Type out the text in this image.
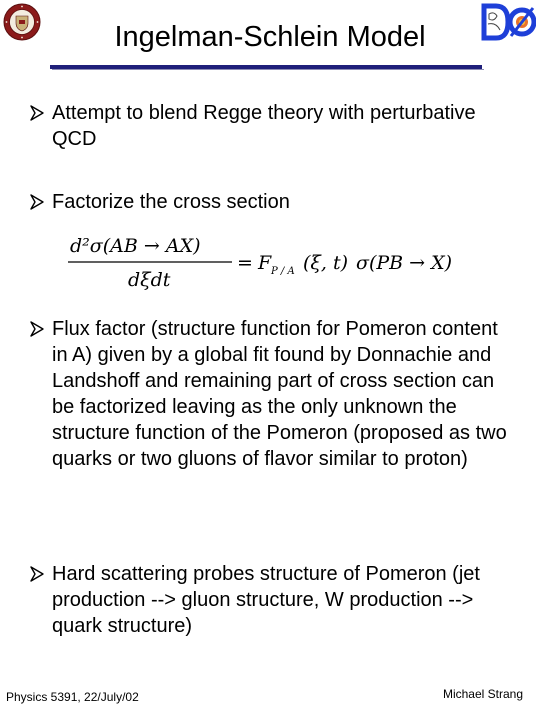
Ingelman-Schlein Model
Attempt to blend Regge theory with perturbative QCD
Factorize the cross section
d²σ(AB → AX)
dξdt
= F P / A (ξ, t) σ(PB → X)
Flux factor (structure function for Pomeron content in A) given by a global fit found by Donnachie and Landshoff and remaining part of cross section can be factorized leaving as the only unknown the structure function of the Pomeron (proposed as two quarks or two gluons of flavor similar to proton)
Hard scattering probes structure of Pomeron (jet production --> gluon structure, W production --> quark structure)
Physics 5391, 22/July/02	Michael Strang
